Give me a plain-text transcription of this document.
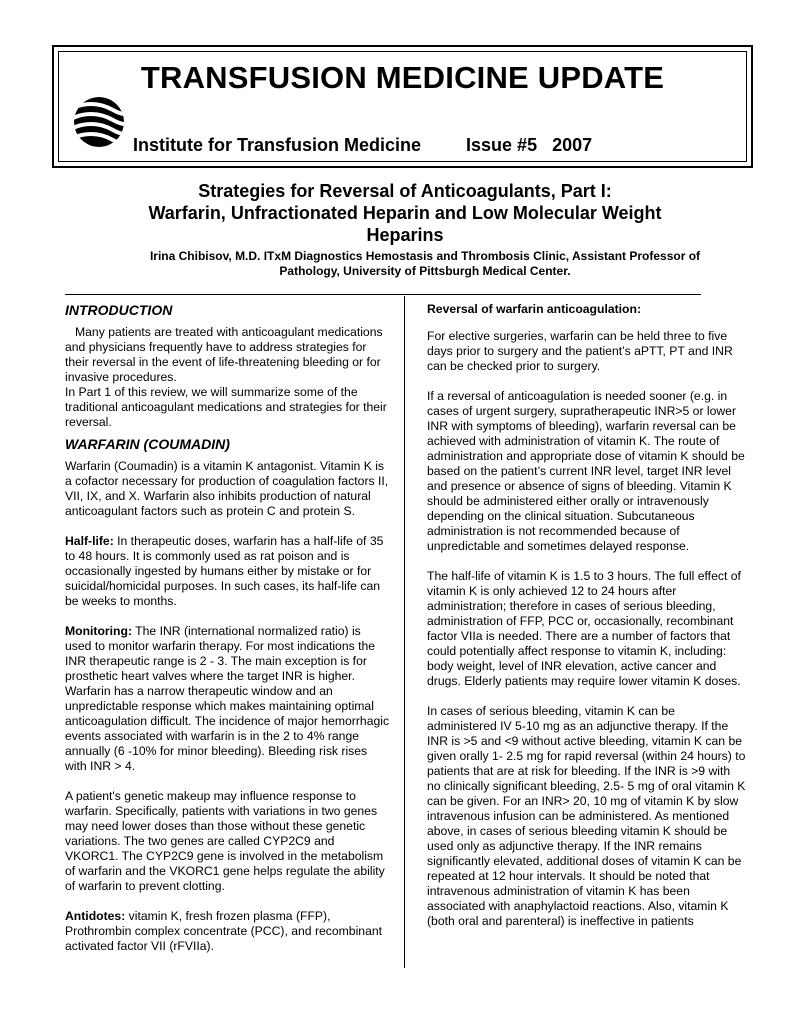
TRANSFUSION MEDICINE UPDATE
Institute for Transfusion Medicine	Issue #5   2007
Strategies for Reversal of Anticoagulants, Part I:
Warfarin, Unfractionated Heparin and Low Molecular Weight
Heparins

Irina Chibisov, M.D. ITxM Diagnostics Hemostasis and Thrombosis Clinic, Assistant Professor of
Pathology, University of Pittsburgh Medical Center.

INTRODUCTION

Many patients are treated with anticoagulant medications and physicians frequently have to address strategies for their reversal in the event of life-threatening bleeding or for invasive procedures.

In Part 1 of this review, we will summarize some of the traditional anticoagulant medications and strategies for their reversal.

WARFARIN (COUMADIN)

Warfarin (Coumadin) is a vitamin K antagonist. Vitamin K is a cofactor necessary for production of coagulation factors II, VII, IX, and X. Warfarin also inhibits production of natural anticoagulant factors such as protein C and protein S.

Half-life: In therapeutic doses, warfarin has a half-life of 35 to 48 hours. It is commonly used as rat poison and is occasionally ingested by humans either by mistake or for suicidal/homicidal purposes. In such cases, its half-life can be weeks to months.

Monitoring: The INR (international normalized ratio) is used to monitor warfarin therapy. For most indications the INR therapeutic range is 2 - 3. The main exception is for prosthetic heart valves where the target INR is higher. Warfarin has a narrow therapeutic window and an unpredictable response which makes maintaining optimal anticoagulation difficult. The incidence of major hemorrhagic events associated with warfarin is in the 2 to 4% range annually (6 -10% for minor bleeding). Bleeding risk rises with INR > 4.

A patient's genetic makeup may influence response to warfarin. Specifically, patients with variations in two genes may need lower doses than those without these genetic variations. The two genes are called CYP2C9 and VKORC1. The CYP2C9 gene is involved in the metabolism of warfarin and the VKORC1 gene helps regulate the ability of warfarin to prevent clotting.

Antidotes: vitamin K, fresh frozen plasma (FFP), Prothrombin complex concentrate (PCC), and recombinant activated factor VII (rFVIIa).

Reversal of warfarin anticoagulation:

For elective surgeries, warfarin can be held three to five days prior to surgery and the patient’s aPTT, PT and INR can be checked prior to surgery.

If a reversal of anticoagulation is needed sooner (e.g. in cases of urgent surgery, supratherapeutic INR>5 or lower INR with symptoms of bleeding), warfarin reversal can be achieved with administration of vitamin K. The route of administration and appropriate dose of vitamin K should be based on the patient’s current INR level, target INR level and presence or absence of signs of bleeding. Vitamin K should be administered either orally or intravenously depending on the clinical situation. Subcutaneous administration is not recommended because of unpredictable and sometimes delayed response.

The half-life of vitamin K is 1.5 to 3 hours. The full effect of vitamin K is only achieved 12 to 24 hours after administration; therefore in cases of serious bleeding, administration of FFP, PCC or, occasionally, recombinant factor VIIa is needed. There are a number of factors that could potentially affect response to vitamin K, including: body weight, level of INR elevation, active cancer and drugs. Elderly patients may require lower vitamin K doses.

In cases of serious bleeding, vitamin K can be administered IV 5-10 mg as an adjunctive therapy. If the INR is >5 and <9 without active bleeding, vitamin K can be given orally 1- 2.5 mg for rapid reversal (within 24 hours) to patients that are at risk for bleeding. If the INR is >9 with no clinically significant bleeding, 2.5- 5 mg of oral vitamin K can be given. For an INR> 20, 10 mg of vitamin K by slow intravenous infusion can be administered. As mentioned above, in cases of serious bleeding vitamin K should be used only as adjunctive therapy. If the INR remains significantly elevated, additional doses of vitamin K can be repeated at 12 hour intervals. It should be noted that intravenous administration of vitamin K has been associated with anaphylactoid reactions. Also, vitamin K (both oral and parenteral) is ineffective in patients
